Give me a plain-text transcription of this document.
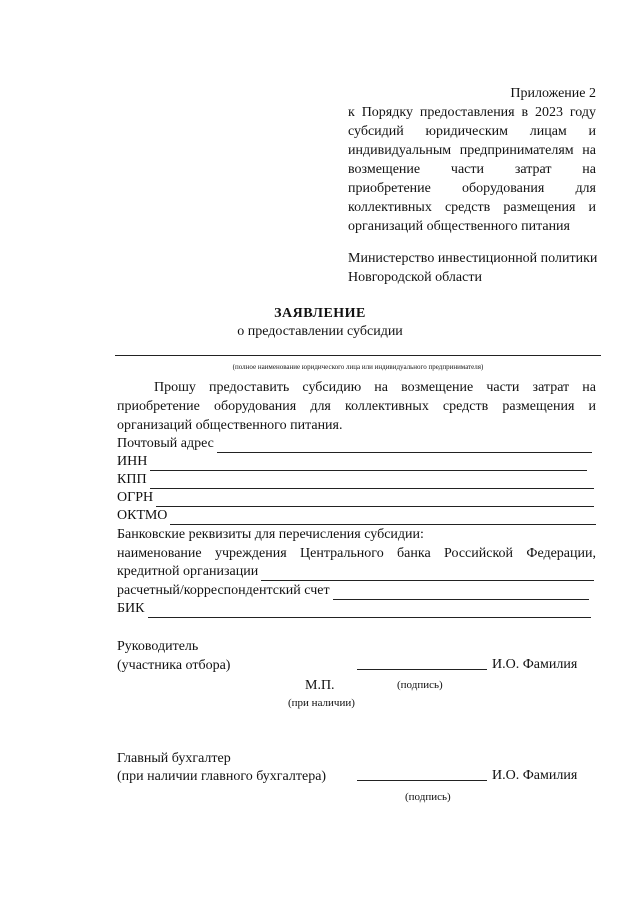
Приложение 2
к Порядку предоставления в 2023 году субсидий юридическим лицам и индивидуальным предпринимателям на возмещение части затрат на приобретение оборудования для коллективных средств размещения и организаций общественного питания
Министерство инвестиционной политики
Новгородской области
ЗАЯВЛЕНИЕ
о предоставлении субсидии
(полное наименование юридического лица или индивидуального предпринимателя)
Прошу предоставить субсидию на возмещение части затрат на приобретение оборудования для коллективных средств размещения и организаций общественного питания.
Почтовый адрес
ИНН
КПП
ОГРН
ОКТМО
Банковские реквизиты для перечисления субсидии:
наименование учреждения Центрального банка Российской Федерации,
кредитной организации
расчетный/корреспондентский счет
БИК
Руководитель
(участника отбора)	И.О. Фамилия
(подпись)
М.П.
(при наличии)
Главный бухгалтер
(при наличии главного бухгалтера)	И.О. Фамилия
(подпись)
